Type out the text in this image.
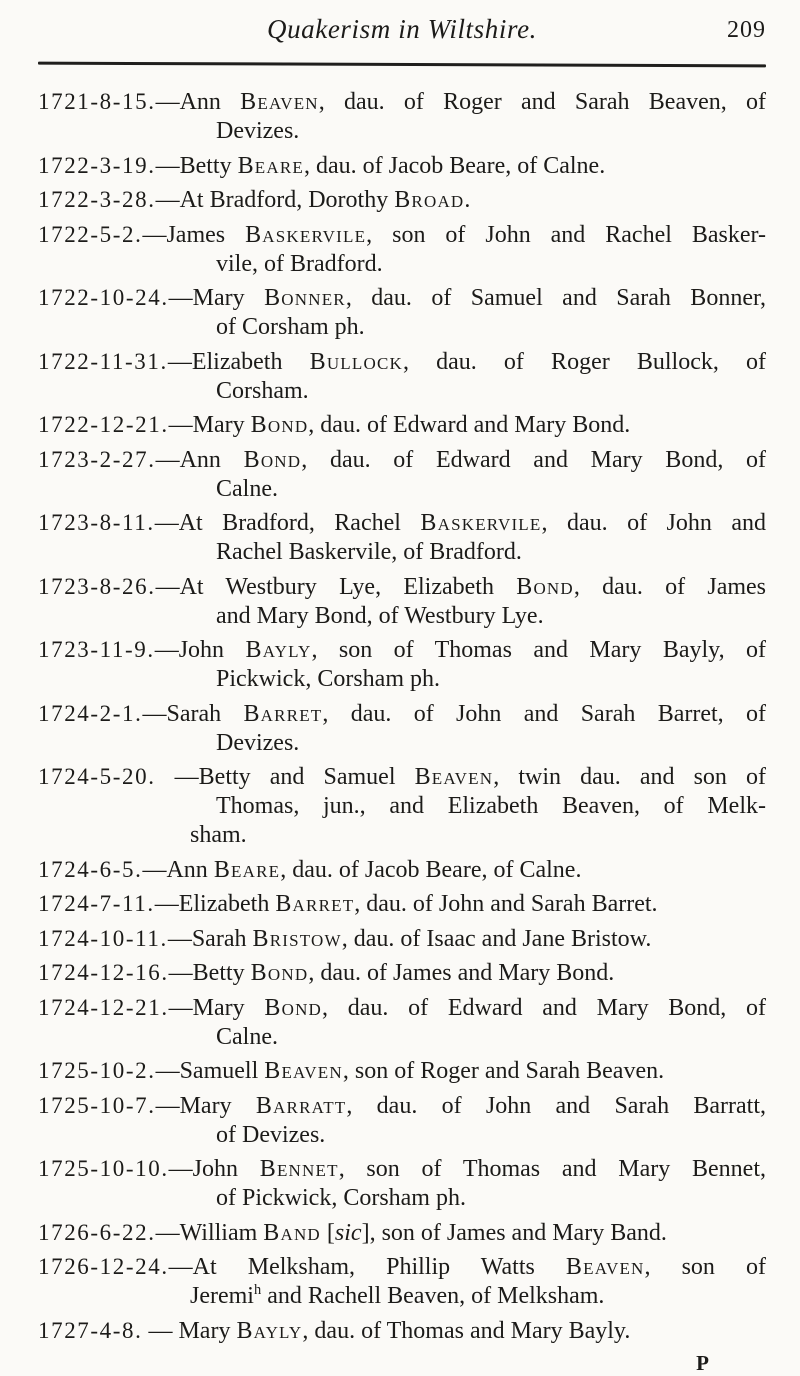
Quakerism in Wiltshire.	209
1721-8-15.—Ann Beaven, dau. of Roger and Sarah Beaven, of
Devizes.
1722-3-19.—Betty Beare, dau. of Jacob Beare, of Calne.
1722-3-28.—At Bradford, Dorothy Broad.
1722-5-2.—James Baskervile, son of John and Rachel Basker-
vile, of Bradford.
1722-10-24.—Mary Bonner, dau. of Samuel and Sarah Bonner,
of Corsham ph.
1722-11-31.—Elizabeth Bullock, dau. of Roger Bullock, of
Corsham.
1722-12-21.—Mary Bond, dau. of Edward and Mary Bond.
1723-2-27.—Ann Bond, dau. of Edward and Mary Bond, of
Calne.
1723-8-11.—At Bradford, Rachel Baskervile, dau. of John and
Rachel Baskervile, of Bradford.
1723-8-26.—At Westbury Lye, Elizabeth Bond, dau. of James
and Mary Bond, of Westbury Lye.
1723-11-9.—John Bayly, son of Thomas and Mary Bayly, of
Pickwick, Corsham ph.
1724-2-1.—Sarah Barret, dau. of John and Sarah Barret, of
Devizes.
1724-5-20. —Betty and Samuel Beaven, twin dau. and son of
Thomas, jun., and Elizabeth Beaven, of Melk-
sham.
1724-6-5.—Ann Beare, dau. of Jacob Beare, of Calne.
1724-7-11.—Elizabeth Barret, dau. of John and Sarah Barret.
1724-10-11.—Sarah Bristow, dau. of Isaac and Jane Bristow.
1724-12-16.—Betty Bond, dau. of James and Mary Bond.
1724-12-21.—Mary Bond, dau. of Edward and Mary Bond, of
Calne.
1725-10-2.—Samuell Beaven, son of Roger and Sarah Beaven.
1725-10-7.—Mary Barratt, dau. of John and Sarah Barratt,
of Devizes.
1725-10-10.—John Bennet, son of Thomas and Mary Bennet,
of Pickwick, Corsham ph.
1726-6-22.—William Band [sic], son of James and Mary Band.
1726-12-24.—At Melksham, Phillip Watts Beaven, son of
Jeremi$^h$ and Rachell Beaven, of Melksham.
1727-4-8. — Mary Bayly, dau. of Thomas and Mary Bayly.
P
